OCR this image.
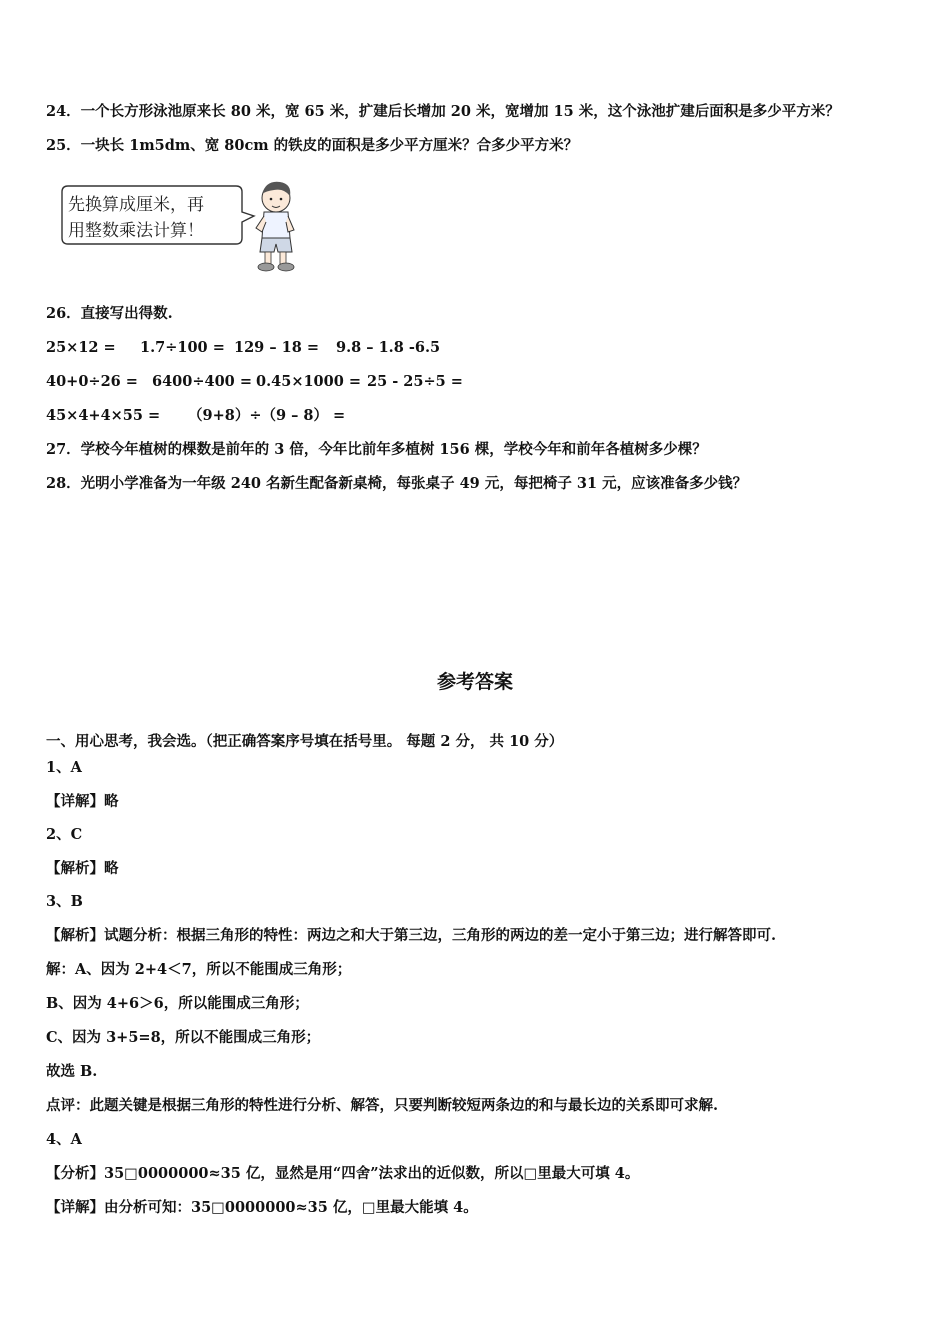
24．一个长方形泳池原来长 80 米，宽 65 米，扩建后长增加 20 米，宽增加 15 米，这个泳池扩建后面积是多少平方米？
25．一块长 1m5dm、宽 80cm 的铁皮的面积是多少平方厘米？合多少平方米？
先换算成厘米，再
用整数乘法计算！
26．直接写出得数.
25×12 = 1.7÷100 = 129 – 18 = 9.8 – 1.8 -6.5
40+0÷26 = 6400÷400 = 0.45×1000 = 25 - 25÷5 =
45×4+4×55 = （9+8）÷（9 – 8） =
27．学校今年植树的棵数是前年的 3 倍，今年比前年多植树 156 棵，学校今年和前年各植树多少棵？
28．光明小学准备为一年级 240 名新生配备新桌椅，每张桌子 49 元，每把椅子 31 元，应该准备多少钱？
参考答案
一、用心思考，我会选。（把正确答案序号填在括号里。 每题 2 分， 共 10 分）
1、A
【详解】略
2、C
【解析】略
3、B
【解析】试题分析：根据三角形的特性：两边之和大于第三边，三角形的两边的差一定小于第三边；进行解答即可.
解：A、因为 2+4＜7，所以不能围成三角形；
B、因为 4+6＞6，所以能围成三角形；
C、因为 3+5=8，所以不能围成三角形；
故选 B.
点评：此题关键是根据三角形的特性进行分析、解答，只要判断较短两条边的和与最长边的关系即可求解.
4、A
【分析】35□0000000≈35 亿，显然是用“四舍”法求出的近似数，所以□里最大可填 4。
【详解】由分析可知：35□0000000≈35 亿，□里最大能填 4。
